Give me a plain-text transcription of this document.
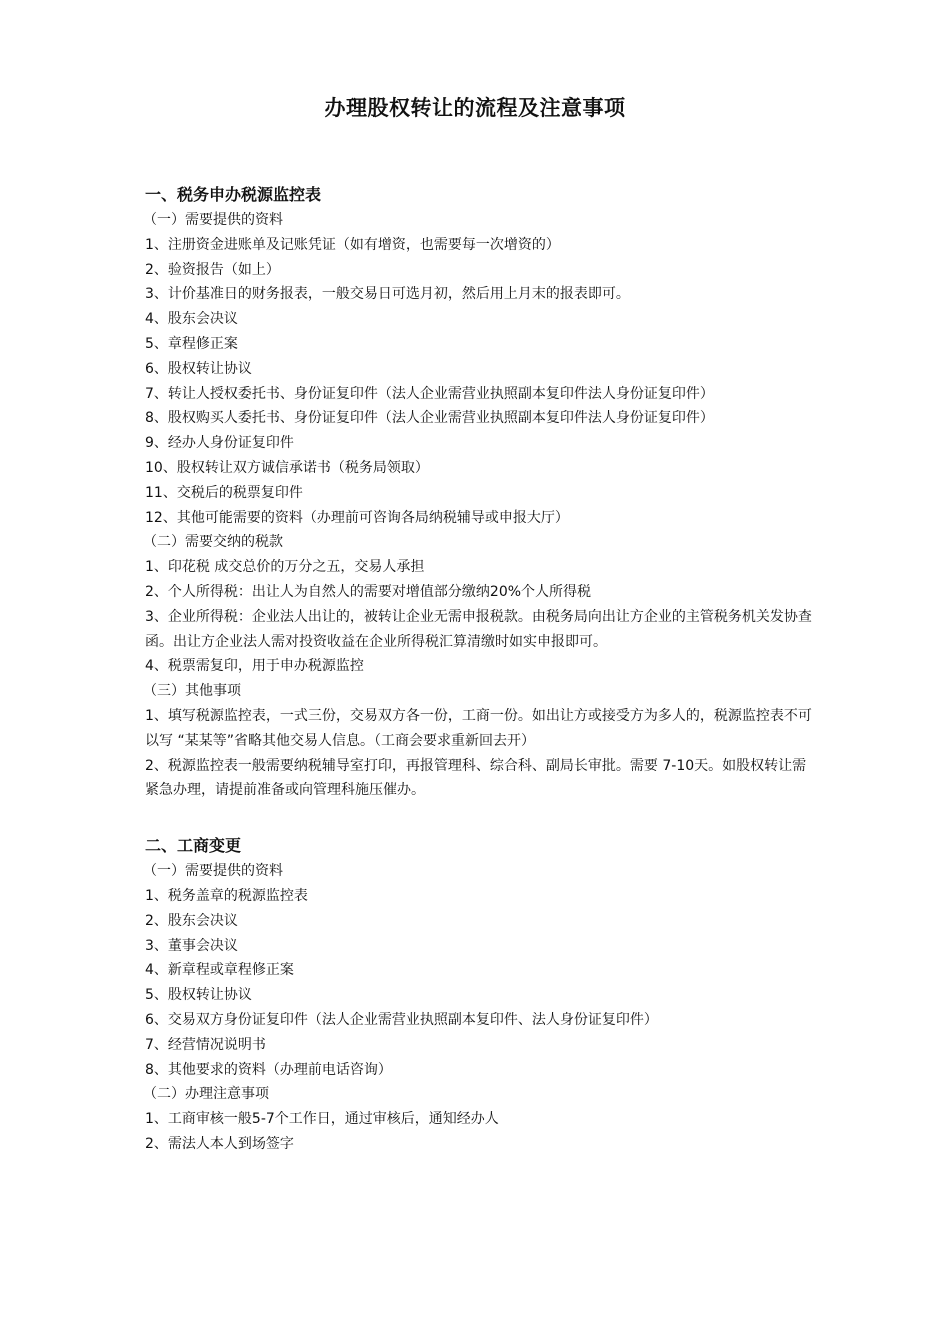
办理股权转让的流程及注意事项
一、税务申办税源监控表
（一）需要提供的资料
1、注册资金进账单及记账凭证（如有增资，也需要每一次增资的）
2、验资报告（如上）
3、计价基准日的财务报表，一般交易日可选月初，然后用上月末的报表即可。
4、股东会决议
5、章程修正案
6、股权转让协议
7、转让人授权委托书、身份证复印件（法人企业需营业执照副本复印件法人身份证复印件）
8、股权购买人委托书、身份证复印件（法人企业需营业执照副本复印件法人身份证复印件）
9、经办人身份证复印件
10、股权转让双方诚信承诺书（税务局领取）
11、交税后的税票复印件
12、其他可能需要的资料（办理前可咨询各局纳税辅导或申报大厅）
（二）需要交纳的税款
1、印花税 成交总价的万分之五，交易人承担
2、个人所得税：出让人为自然人的需要对增值部分缴纳20%个人所得税
3、企业所得税：企业法人出让的，被转让企业无需申报税款。由税务局向出让方企业的主管税务机关发协查函。出让方企业法人需对投资收益在企业所得税汇算清缴时如实申报即可。
4、税票需复印，用于申办税源监控
（三）其他事项
1、填写税源监控表，一式三份，交易双方各一份，工商一份。如出让方或接受方为多人的，税源监控表不可以写 “某某等”省略其他交易人信息。（工商会要求重新回去开）
2、税源监控表一般需要纳税辅导室打印，再报管理科、综合科、副局长审批。需要 7-10天。如股权转让需紧急办理，请提前准备或向管理科施压催办。
二、工商变更
（一）需要提供的资料
1、税务盖章的税源监控表
2、股东会决议
3、董事会决议
4、新章程或章程修正案
5、股权转让协议
6、交易双方身份证复印件（法人企业需营业执照副本复印件、法人身份证复印件）
7、经营情况说明书
8、其他要求的资料（办理前电话咨询）
（二）办理注意事项
1、工商审核一般5-7个工作日，通过审核后，通知经办人
2、需法人本人到场签字
